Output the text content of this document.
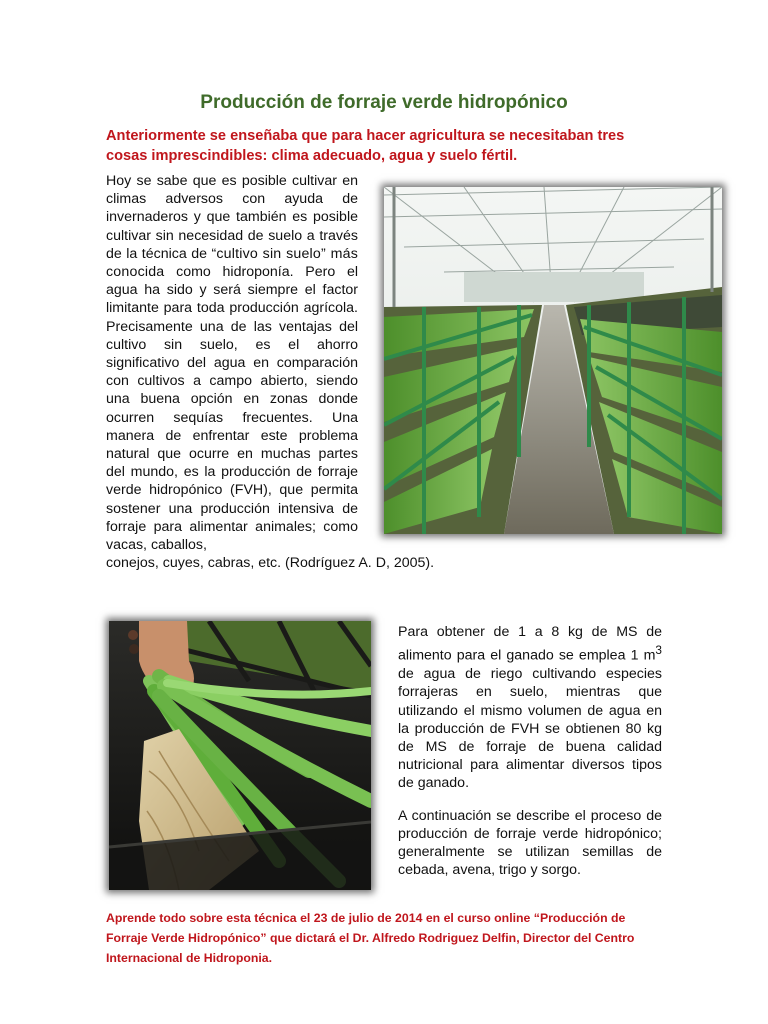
Producción de forraje verde hidropónico

Anteriormente se enseñaba que para hacer agricultura se necesitaban tres cosas imprescindibles: clima adecuado, agua y suelo fértil.

Hoy se sabe que es posible cultivar en climas adversos con ayuda de invernaderos y que también es posible cultivar sin necesidad de suelo a través de la técnica de “cultivo sin suelo” más conocida como hidroponía. Pero el agua ha sido y será siempre el factor limitante para toda producción agrícola. Precisamente una de las ventajas del cultivo sin suelo, es el ahorro significativo del agua en comparación con cultivos a campo abierto, siendo una buena opción en zonas donde ocurren sequías frecuentes. Una manera de enfrentar este problema natural que ocurre en muchas partes del mundo, es la producción de forraje verde hidropónico (FVH), que permita sostener una producción intensiva de forraje para alimentar animales; como vacas, caballos,
conejos, cuyes, cabras, etc. (Rodríguez A. D, 2005).

Para obtener de 1 a 8 kg de MS de alimento para el ganado se emplea 1 $m^3$ de agua de riego cultivando especies forrajeras en suelo, mientras que utilizando el mismo volumen de agua en la producción de FVH se obtienen 80 kg de MS de forraje de buena calidad nutricional para alimentar diversos tipos de ganado.

A continuación se describe el proceso de producción de forraje verde hidropónico; generalmente se utilizan semillas de cebada, avena, trigo y sorgo.

Aprende todo sobre esta técnica el 23 de julio de 2014 en el curso online “Producción de Forraje Verde Hidropónico” que dictará el Dr. Alfredo Rodriguez Delfin, Director del Centro Internacional de Hidroponia.
